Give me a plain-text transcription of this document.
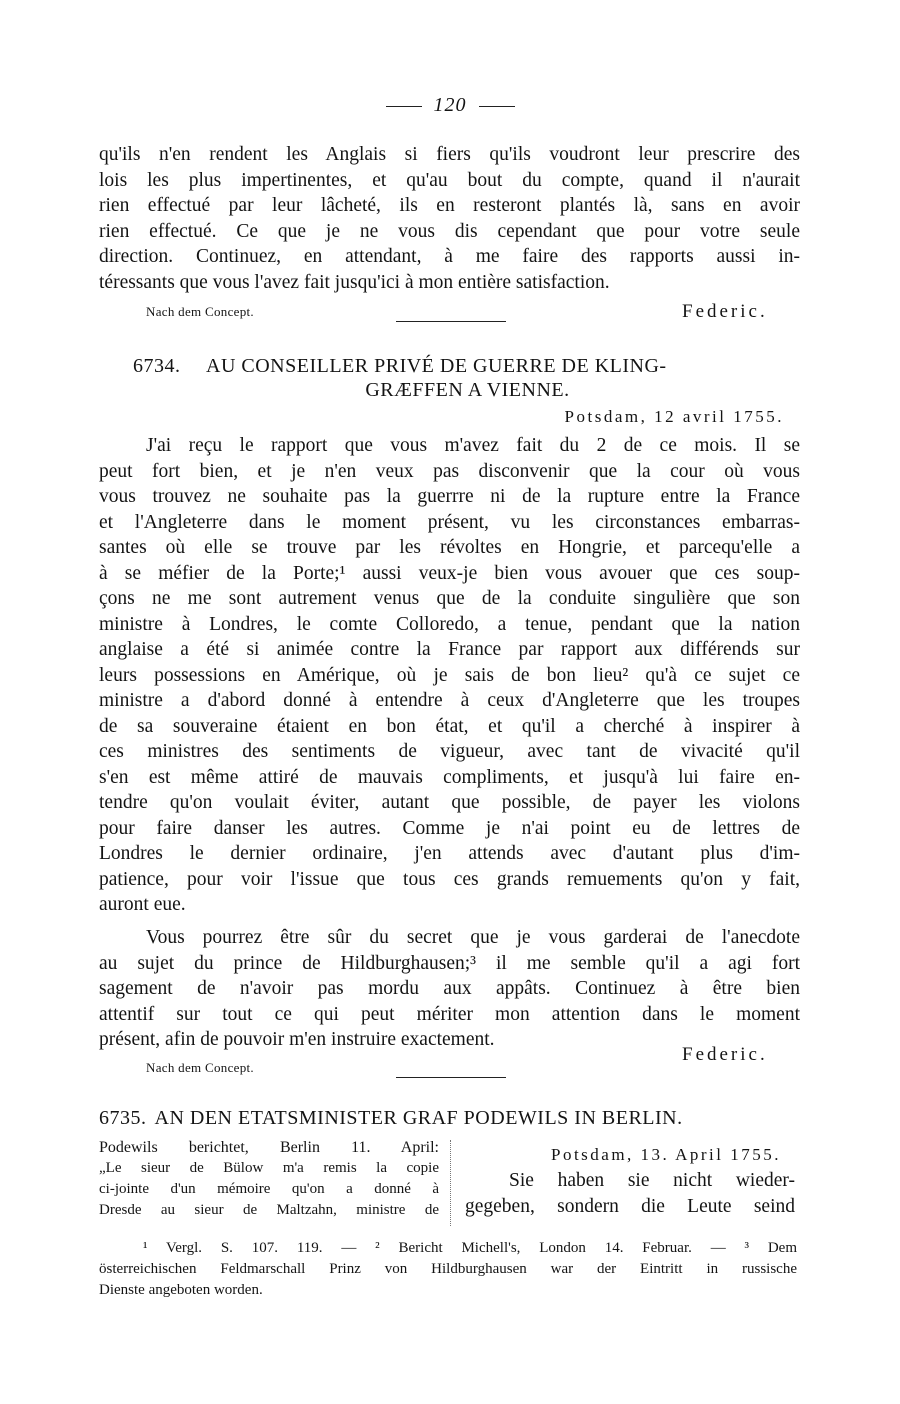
120
qu'ils n'en rendent les Anglais si fiers qu'ils voudront leur prescrire des
lois les plus impertinentes, et qu'au bout du compte, quand il n'aurait
rien effectué par leur lâcheté, ils en resteront plantés là, sans en avoir
rien effectué. Ce que je ne vous dis cependant que pour votre seule
direction. Continuez, en attendant, à me faire des rapports aussi in-
téressants que vous l'avez fait jusqu'ici à mon entière satisfaction.
Nach dem Concept.	Federic.
6734. AU CONSEILLER PRIVÉ DE GUERRE DE KLING-
GRÆFFEN A VIENNE.
Potsdam, 12 avril 1755.
J'ai reçu le rapport que vous m'avez fait du 2 de ce mois. Il se
peut fort bien, et je n'en veux pas disconvenir que la cour où vous
vous trouvez ne souhaite pas la guerrre ni de la rupture entre la France
et l'Angleterre dans le moment présent, vu les circonstances embarras-
santes où elle se trouve par les révoltes en Hongrie, et parcequ'elle a
à se méfier de la Porte;¹ aussi veux-je bien vous avouer que ces soup-
çons ne me sont autrement venus que de la conduite singulière que son
ministre à Londres, le comte Colloredo, a tenue, pendant que la nation
anglaise a été si animée contre la France par rapport aux différends sur
leurs possessions en Amérique, où je sais de bon lieu² qu'à ce sujet ce
ministre a d'abord donné à entendre à ceux d'Angleterre que les troupes
de sa souveraine étaient en bon état, et qu'il a cherché à inspirer à
ces ministres des sentiments de vigueur, avec tant de vivacité qu'il
s'en est même attiré de mauvais compliments, et jusqu'à lui faire en-
tendre qu'on voulait éviter, autant que possible, de payer les violons
pour faire danser les autres. Comme je n'ai point eu de lettres de
Londres le dernier ordinaire, j'en attends avec d'autant plus d'im-
patience, pour voir l'issue que tous ces grands remuements qu'on y fait,
auront eue.
Vous pourrez être sûr du secret que je vous garderai de l'anecdote
au sujet du prince de Hildburghausen;³ il me semble qu'il a agi fort
sagement de n'avoir pas mordu aux appâts. Continuez à être bien
attentif sur tout ce qui peut mériter mon attention dans le moment
présent, afin de pouvoir m'en instruire exactement.
Federic.
Nach dem Concept.
6735. AN DEN ETATSMINISTER GRAF PODEWILS IN BERLIN.
Podewils berichtet, Berlin 11. April:
„Le sieur de Bülow m'a remis la copie
ci-jointe d'un mémoire qu'on a donné à
Dresde au sieur de Maltzahn, ministre de
Potsdam, 13. April 1755.
Sie haben sie nicht wieder-
gegeben, sondern die Leute seind
¹ Vergl. S. 107. 119. — ² Bericht Michell's, London 14. Februar. — ³ Dem
österreichischen Feldmarschall Prinz von Hildburghausen war der Eintritt in russische
Dienste angeboten worden.
